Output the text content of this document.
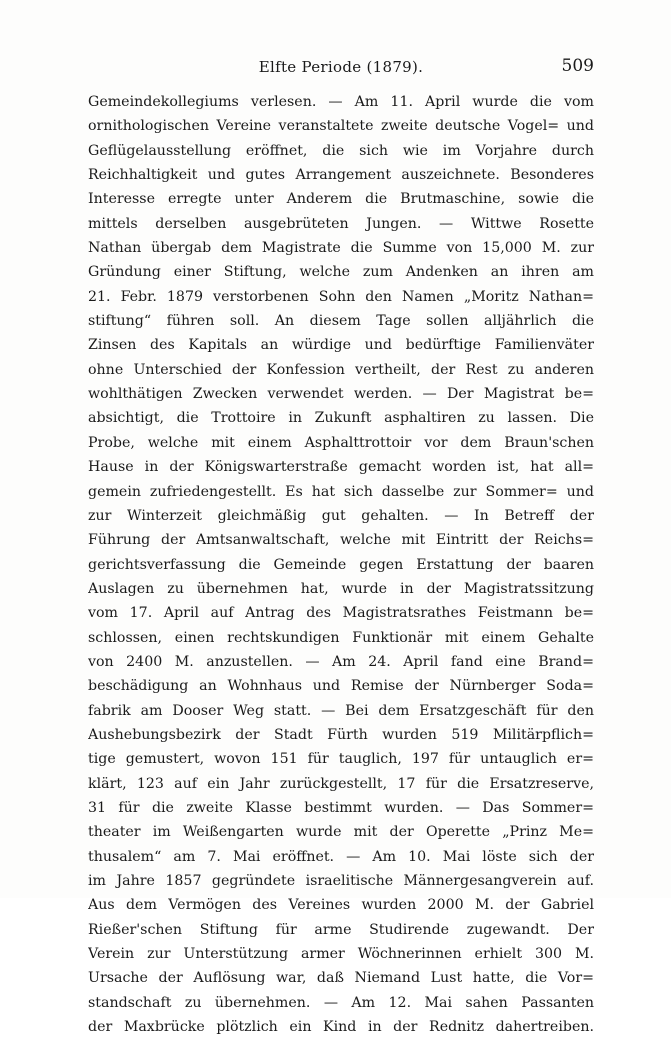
Elfte Periode (1879).	509
Gemeindekollegiums verlesen. — Am 11. April wurde die vom
ornithologischen Vereine veranstaltete zweite deutsche Vogel= und
Geflügelausstellung eröffnet, die sich wie im Vorjahre durch
Reichhaltigkeit und gutes Arrangement auszeichnete. Besonderes
Interesse erregte unter Anderem die Brutmaschine, sowie die
mittels derselben ausgebrüteten Jungen. — Wittwe Rosette
Nathan übergab dem Magistrate die Summe von 15,000 M. zur
Gründung einer Stiftung, welche zum Andenken an ihren am
21. Febr. 1879 verstorbenen Sohn den Namen „Moritz Nathan=
stiftung“ führen soll. An diesem Tage sollen alljährlich die
Zinsen des Kapitals an würdige und bedürftige Familienväter
ohne Unterschied der Konfession vertheilt, der Rest zu anderen
wohlthätigen Zwecken verwendet werden. — Der Magistrat be=
absichtigt, die Trottoire in Zukunft asphaltiren zu lassen. Die
Probe, welche mit einem Asphalttrottoir vor dem Braun'schen
Hause in der Königswarterstraße gemacht worden ist, hat all=
gemein zufriedengestellt. Es hat sich dasselbe zur Sommer= und
zur Winterzeit gleichmäßig gut gehalten. — In Betreff der
Führung der Amtsanwaltschaft, welche mit Eintritt der Reichs=
gerichtsverfassung die Gemeinde gegen Erstattung der baaren
Auslagen zu übernehmen hat, wurde in der Magistratssitzung
vom 17. April auf Antrag des Magistratsrathes Feistmann be=
schlossen, einen rechtskundigen Funktionär mit einem Gehalte
von 2400 M. anzustellen. — Am 24. April fand eine Brand=
beschädigung an Wohnhaus und Remise der Nürnberger Soda=
fabrik am Dooser Weg statt. — Bei dem Ersatzgeschäft für den
Aushebungsbezirk der Stadt Fürth wurden 519 Militärpflich=
tige gemustert, wovon 151 für tauglich, 197 für untauglich er=
klärt, 123 auf ein Jahr zurückgestellt, 17 für die Ersatzreserve,
31 für die zweite Klasse bestimmt wurden. — Das Sommer=
theater im Weißengarten wurde mit der Operette „Prinz Me=
thusalem“ am 7. Mai eröffnet. — Am 10. Mai löste sich der
im Jahre 1857 gegründete israelitische Männergesangverein auf.
Aus dem Vermögen des Vereines wurden 2000 M. der Gabriel
Rießer'schen Stiftung für arme Studirende zugewandt. Der
Verein zur Unterstützung armer Wöchnerinnen erhielt 300 M.
Ursache der Auflösung war, daß Niemand Lust hatte, die Vor=
standschaft zu übernehmen. — Am 12. Mai sahen Passanten
der Maxbrücke plötzlich ein Kind in der Rednitz dahertreiben.
